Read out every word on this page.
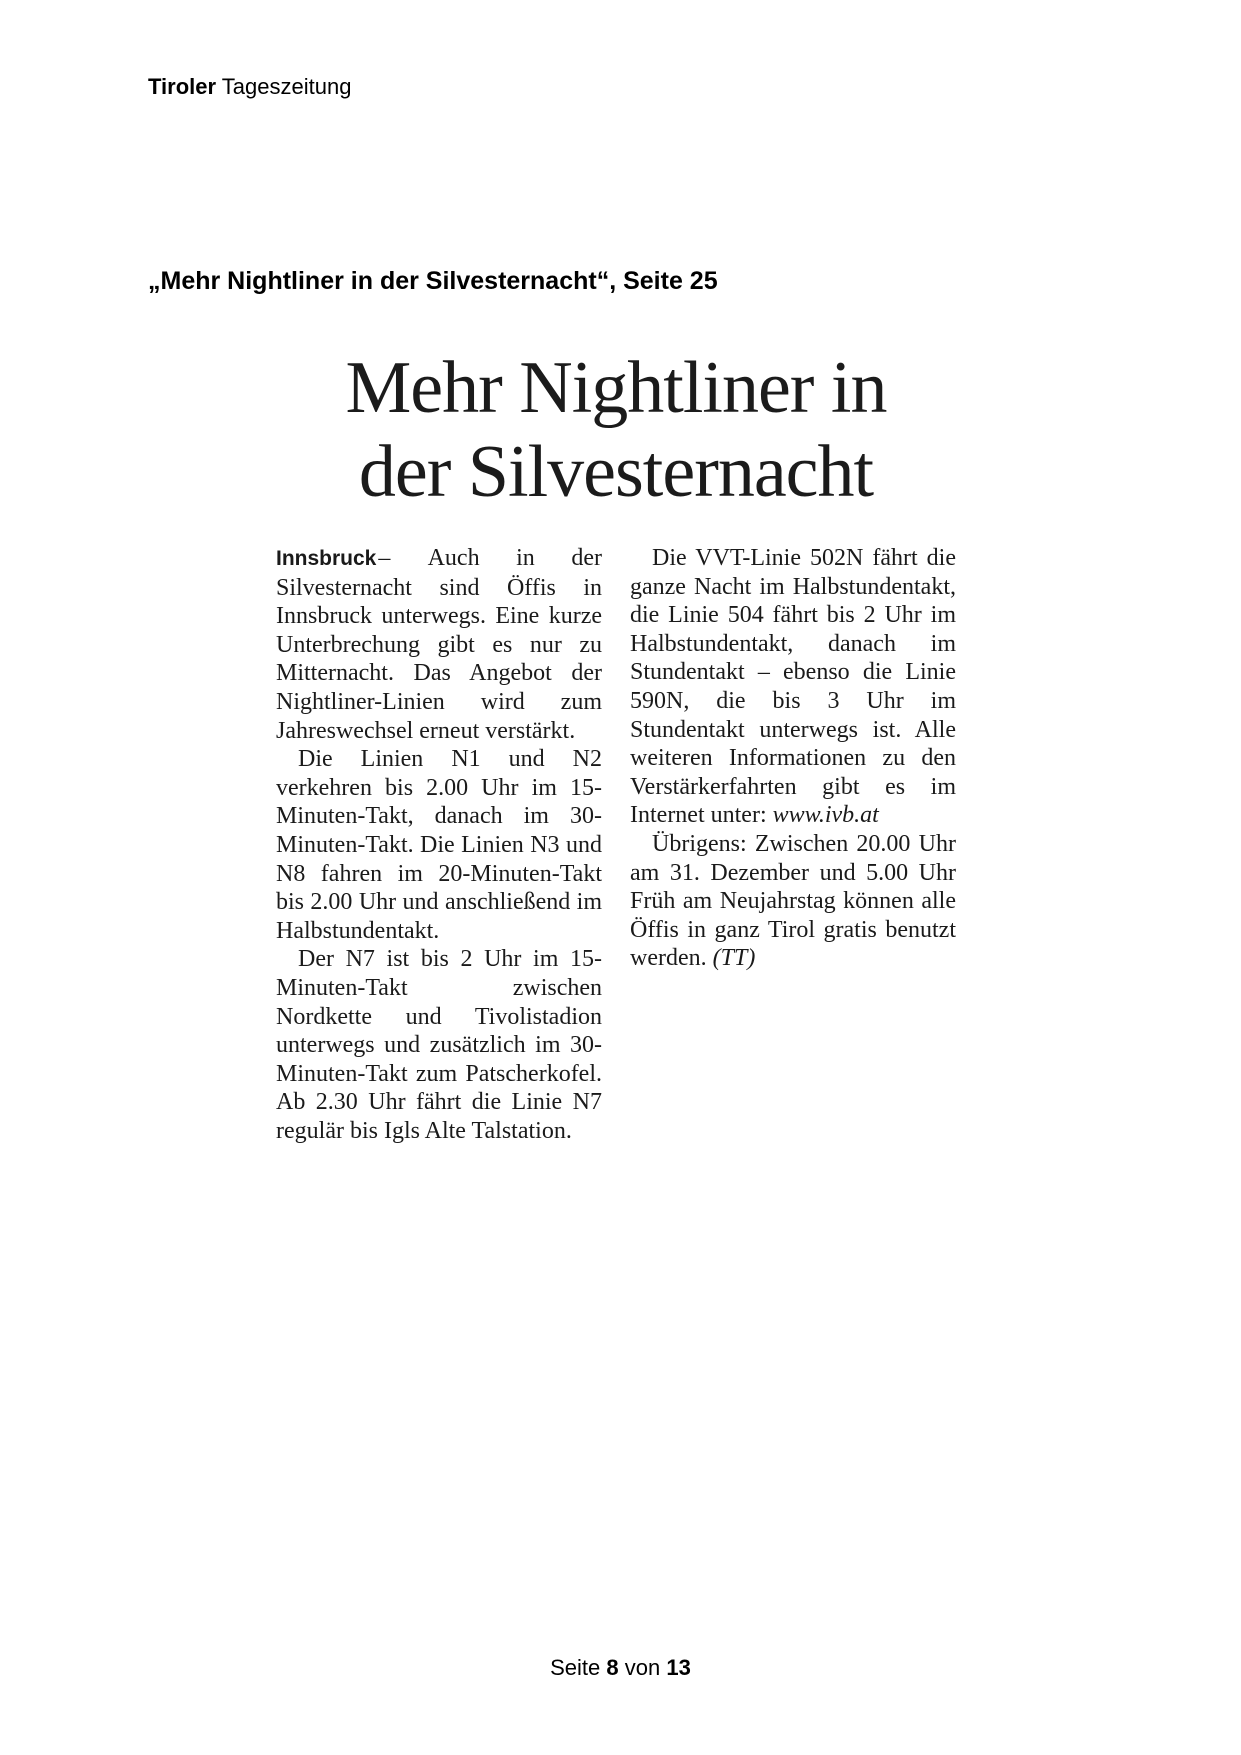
Tiroler Tageszeitung
„Mehr Nightliner in der Silvesternacht“, Seite 25
Mehr Nightliner in
der Silvesternacht

Innsbruck– Auch in der Silvesternacht sind Öffis in Innsbruck unterwegs. Eine kurze Unterbrechung gibt es nur zu Mitternacht. Das Angebot der Nightliner-Linien wird zum Jahreswechsel erneut verstärkt.

Die Linien N1 und N2 verkehren bis 2.00 Uhr im 15-Minuten-Takt, danach im 30-Minuten-Takt. Die Linien N3 und N8 fahren im 20-Minuten-Takt bis 2.00 Uhr und anschließend im Halbstundentakt.

Der N7 ist bis 2 Uhr im 15-Minuten-Takt zwischen Nordkette und Tivolistadion unterwegs und zusätzlich im 30-Minuten-Takt zum Patscherkofel. Ab 2.30 Uhr fährt die Linie N7 regulär bis Igls Alte Talstation.

Die VVT-Linie 502N fährt die ganze Nacht im Halbstundentakt, die Linie 504 fährt bis 2 Uhr im Halbstundentakt, danach im Stundentakt – ebenso die Linie 590N, die bis 3 Uhr im Stundentakt unterwegs ist. Alle weiteren Informationen zu den Verstärkerfahrten gibt es im Internet unter: www.ivb.at

Übrigens: Zwischen 20.00 Uhr am 31. Dezember und 5.00 Uhr Früh am Neujahrstag können alle Öffis in ganz Tirol gratis benutzt werden. (TT)

Seite 8 von 13
